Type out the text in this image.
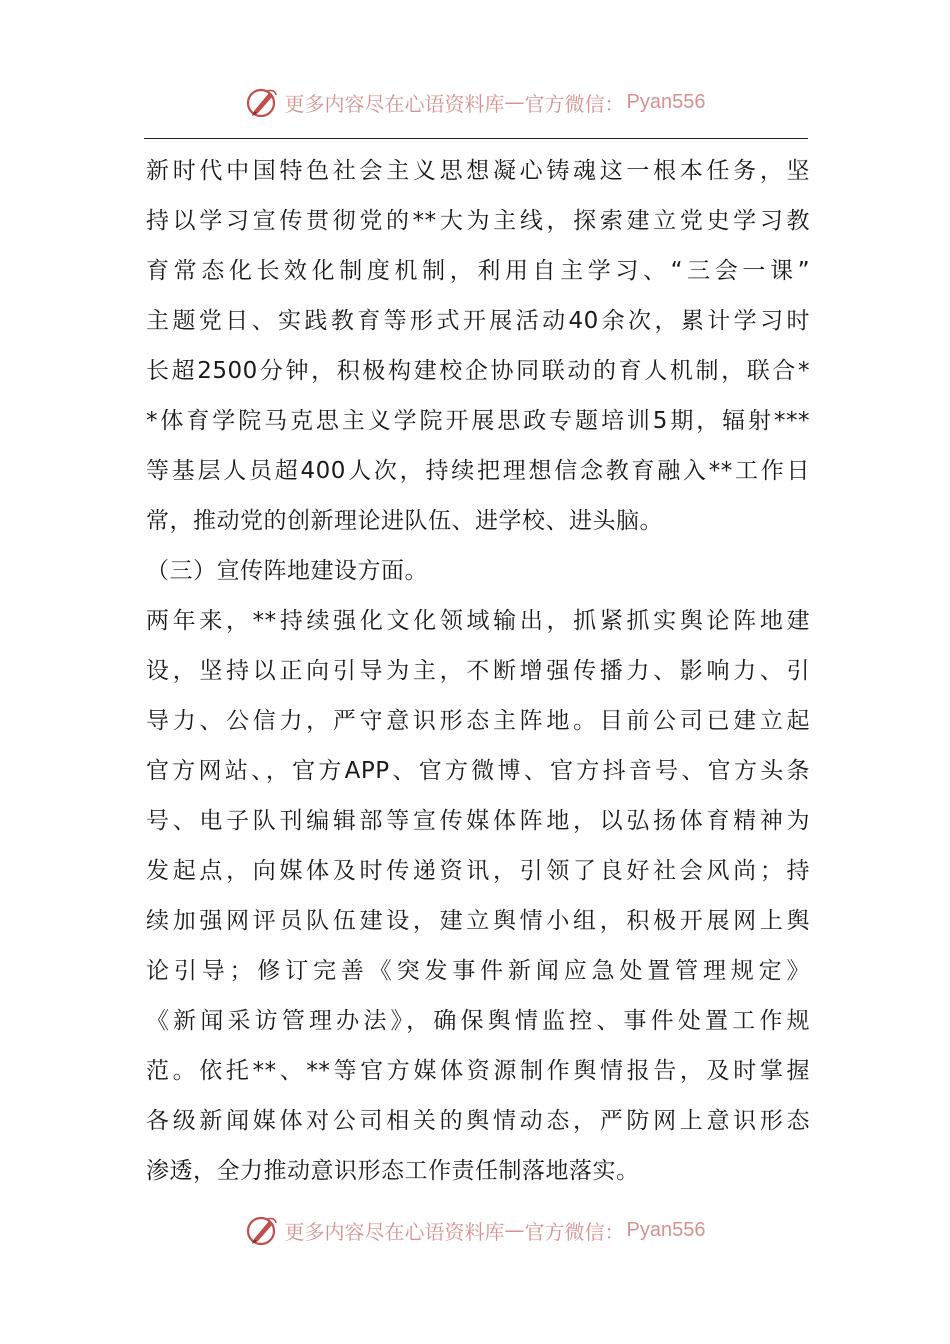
更多内容尽在心语资料库 — 官方微信： Pyan556
新时代中国特色社会主义思想凝心铸魂这一根本任务，坚
持以学习宣传贯彻党的**大为主线，探索建立党史学习教
育常态化长效化制度机制，利用自主学习、“三会一课”
主题党日、实践教育等形式开展活动40余次，累计学习时
长超2500分钟，积极构建校企协同联动的育人机制，联合*
*体育学院马克思主义学院开展思政专题培训5期，辐射***
等基层人员超400人次，持续把理想信念教育融入**工作日
常，推动党的创新理论进队伍、进学校、进头脑。
（三）宣传阵地建设方面。
两年来，**持续强化文化领域输出，抓紧抓实舆论阵地建
设，坚持以正向引导为主，不断增强传播力、影响力、引
导力、公信力，严守意识形态主阵地。目前公司已建立起
官方网站、，官方APP、官方微博、官方抖音号、官方头条
号、电子队刊编辑部等宣传媒体阵地，以弘扬体育精神为
发起点，向媒体及时传递资讯，引领了良好社会风尚；持
续加强网评员队伍建设，建立舆情小组，积极开展网上舆
论引导；修订完善《突发事件新闻应急处置管理规定》
《新闻采访管理办法》，确保舆情监控、事件处置工作规
范。依托**、**等官方媒体资源制作舆情报告，及时掌握
各级新闻媒体对公司相关的舆情动态，严防网上意识形态
渗透，全力推动意识形态工作责任制落地落实。
更多内容尽在心语资料库 — 官方微信： Pyan556
